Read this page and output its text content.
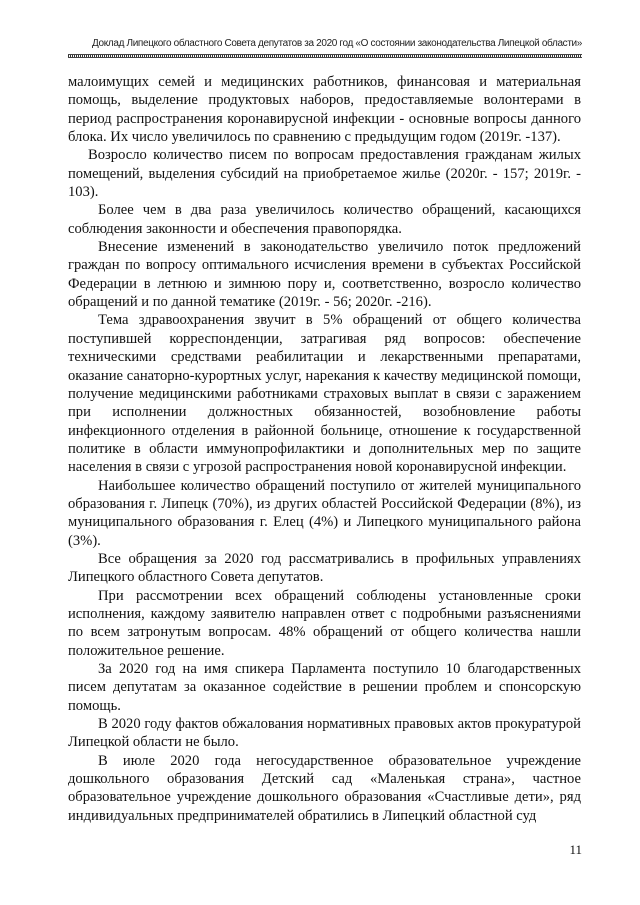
Доклад Липецкого областного Совета депутатов за 2020 год «О состоянии законодательства Липецкой области»

малоимущих семей и медицинских работников, финансовая и материальная помощь, выделение продуктовых наборов, предоставляемые волонтерами в период распространения коронавирусной инфекции - основные вопросы данного блока. Их число увеличилось по сравнению с предыдущим годом (2019г. -137).

Возросло количество писем по вопросам предоставления гражданам жилых помещений, выделения субсидий на приобретаемое жилье (2020г. - 157; 2019г. - 103).

Более чем в два раза увеличилось количество обращений, касающихся соблюдения законности и обеспечения правопорядка.

Внесение изменений в законодательство увеличило поток предложений граждан по вопросу оптимального исчисления времени в субъектах Российской Федерации в летнюю и зимнюю пору и, соответственно, возросло количество обращений и по данной тематике (2019г. - 56; 2020г. -216).

Тема здравоохранения звучит в 5% обращений от общего количества поступившей корреспонденции, затрагивая ряд вопросов: обеспечение техническими средствами реабилитации и лекарственными препаратами, оказание санаторно-курортных услуг, нарекания к качеству медицинской помощи, получение медицинскими работниками страховых выплат в связи с заражением при исполнении должностных обязанностей, возобновление работы инфекционного отделения в районной больнице, отношение к государственной политике в области иммунопрофилактики и дополнительных мер по защите населения в связи с угрозой распространения новой коронавирусной инфекции.

Наибольшее количество обращений поступило от жителей муниципального образования г. Липецк (70%), из других областей Российской Федерации (8%), из муниципального образования г. Елец (4%) и Липецкого муниципального района (3%).

Все обращения за 2020 год рассматривались в профильных управлениях Липецкого областного Совета депутатов.

При рассмотрении всех обращений соблюдены установленные сроки исполнения, каждому заявителю направлен ответ с подробными разъяснениями по всем затронутым вопросам. 48% обращений от общего количества нашли положительное решение.

За 2020 год на имя спикера Парламента поступило 10 благодарственных писем депутатам за оказанное содействие в решении проблем и спонсорскую помощь.

В 2020 году фактов обжалования нормативных правовых актов прокуратурой Липецкой области не было.

В июле 2020 года негосударственное образовательное учреждение дошкольного образования Детский сад «Маленькая страна», частное образовательное учреждение дошкольного образования «Счастливые дети», ряд индивидуальных предпринимателей обратились в Липецкий областной суд

11
